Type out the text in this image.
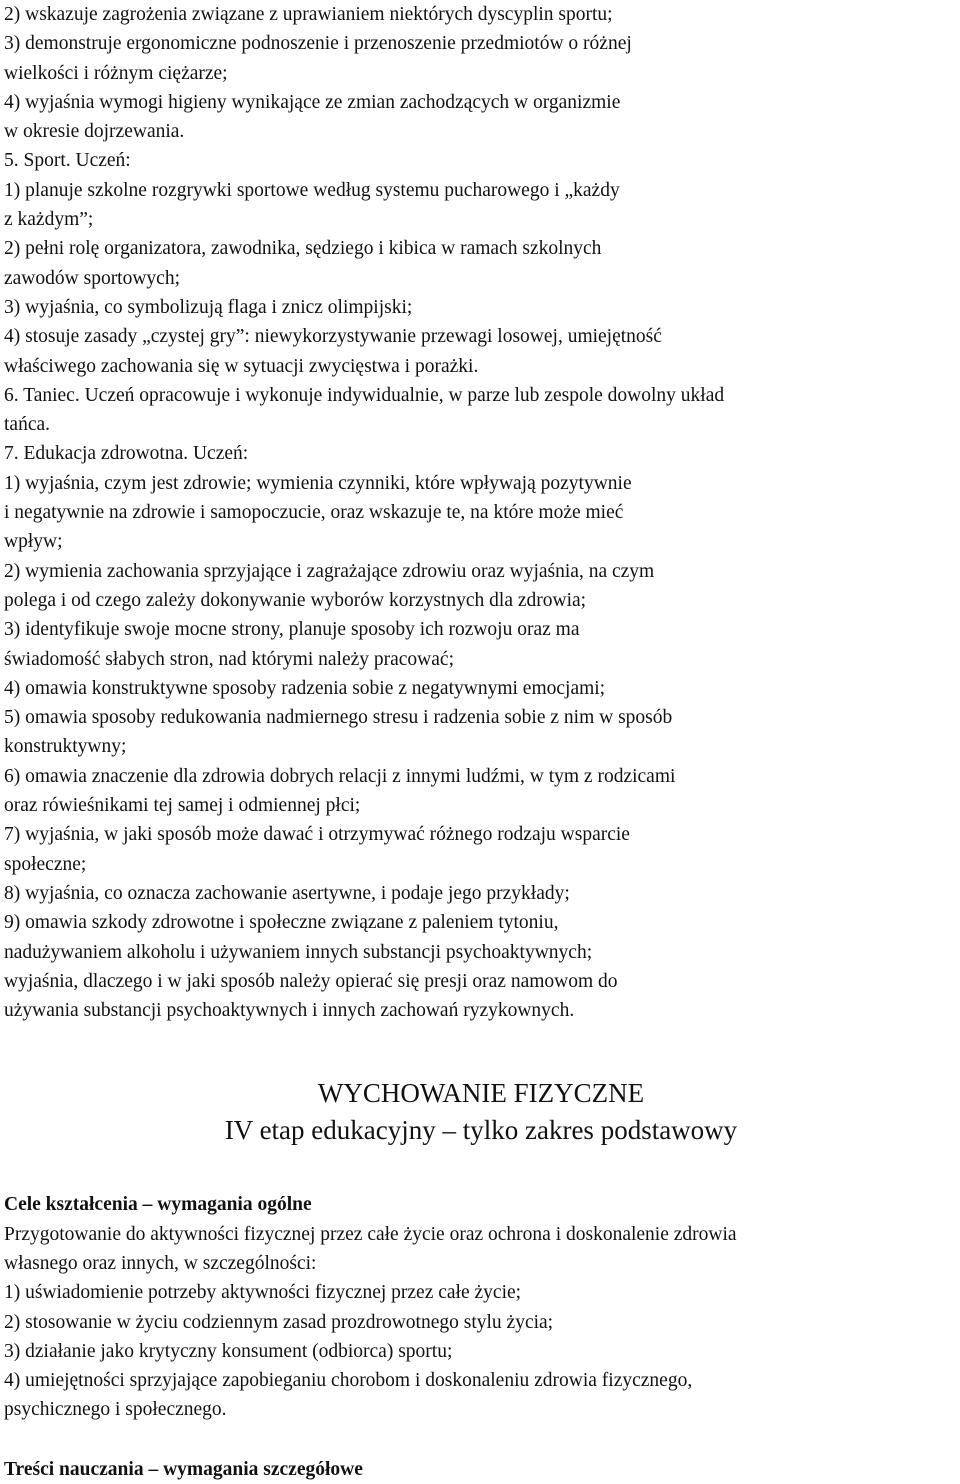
2) wskazuje zagrożenia związane z uprawianiem niektórych dyscyplin sportu;
3) demonstruje ergonomiczne podnoszenie i przenoszenie przedmiotów o różnej
wielkości i różnym ciężarze;
4) wyjaśnia wymogi higieny wynikające ze zmian zachodzących w organizmie
w okresie dojrzewania.
5. Sport. Uczeń:
1) planuje szkolne rozgrywki sportowe według systemu pucharowego i „każdy
z każdym”;
2) pełni rolę organizatora, zawodnika, sędziego i kibica w ramach szkolnych
zawodów sportowych;
3) wyjaśnia, co symbolizują flaga i znicz olimpijski;
4) stosuje zasady „czystej gry”: niewykorzystywanie przewagi losowej, umiejętność
właściwego zachowania się w sytuacji zwycięstwa i porażki.
6. Taniec. Uczeń opracowuje i wykonuje indywidualnie, w parze lub zespole dowolny układ
tańca.
7. Edukacja zdrowotna. Uczeń:
1) wyjaśnia, czym jest zdrowie; wymienia czynniki, które wpływają pozytywnie
i negatywnie na zdrowie i samopoczucie, oraz wskazuje te, na które może mieć
wpływ;
2) wymienia zachowania sprzyjające i zagrażające zdrowiu oraz wyjaśnia, na czym
polega i od czego zależy dokonywanie wyborów korzystnych dla zdrowia;
3) identyfikuje swoje mocne strony, planuje sposoby ich rozwoju oraz ma
świadomość słabych stron, nad którymi należy pracować;
4) omawia konstruktywne sposoby radzenia sobie z negatywnymi emocjami;
5) omawia sposoby redukowania nadmiernego stresu i radzenia sobie z nim w sposób
konstruktywny;
6) omawia znaczenie dla zdrowia dobrych relacji z innymi ludźmi, w tym z rodzicami
oraz rówieśnikami tej samej i odmiennej płci;
7) wyjaśnia, w jaki sposób może dawać i otrzymywać różnego rodzaju wsparcie
społeczne;
8) wyjaśnia, co oznacza zachowanie asertywne, i podaje jego przykłady;
9) omawia szkody zdrowotne i społeczne związane z paleniem tytoniu,
nadużywaniem alkoholu i używaniem innych substancji psychoaktywnych;
wyjaśnia, dlaczego i w jaki sposób należy opierać się presji oraz namowom do
używania substancji psychoaktywnych i innych zachowań ryzykownych.
WYCHOWANIE FIZYCZNE
IV etap edukacyjny – tylko zakres podstawowy
Cele kształcenia – wymagania ogólne
Przygotowanie do aktywności fizycznej przez całe życie oraz ochrona i doskonalenie zdrowia
własnego oraz innych, w szczególności:
1) uświadomienie potrzeby aktywności fizycznej przez całe życie;
2) stosowanie w życiu codziennym zasad prozdrowotnego stylu życia;
3) działanie jako krytyczny konsument (odbiorca) sportu;
4) umiejętności sprzyjające zapobieganiu chorobom i doskonaleniu zdrowia fizycznego,
psychicznego i społecznego.
Treści nauczania – wymagania szczegółowe
